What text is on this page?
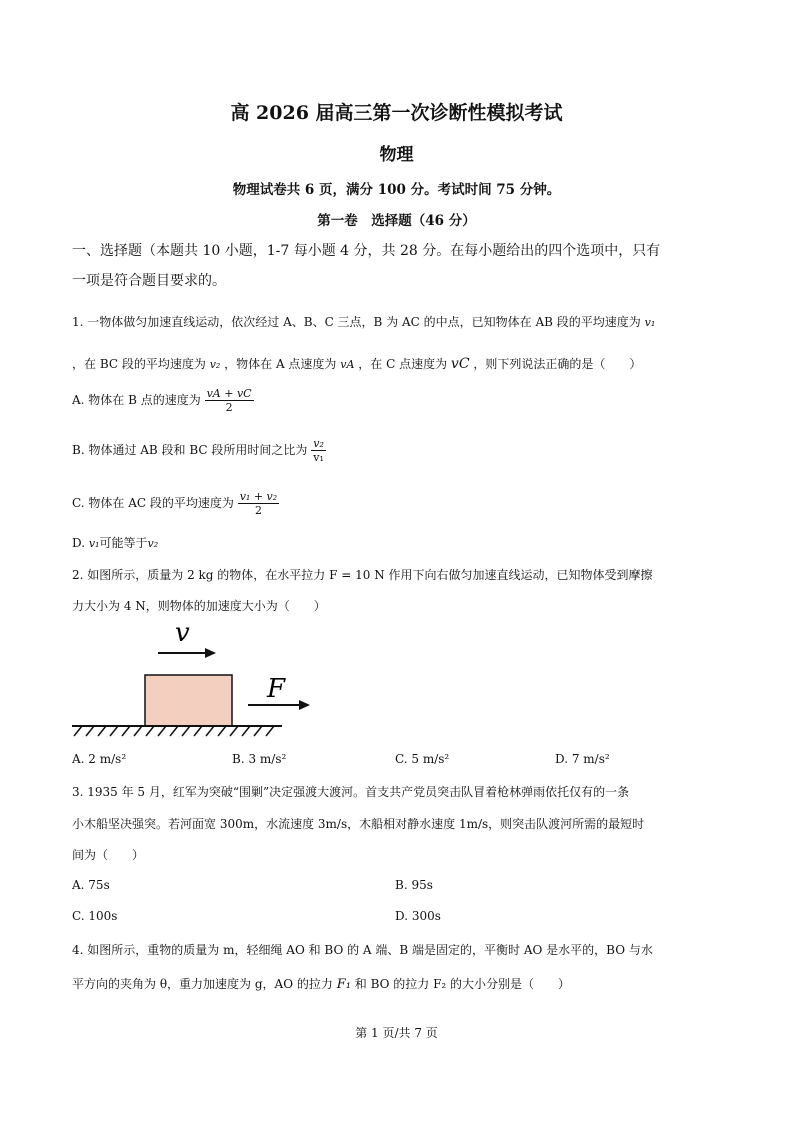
高 2026 届高三第一次诊断性模拟考试
物理
物理试卷共 6 页，满分 100 分。考试时间 75 分钟。
第一卷　选择题（46 分）
一、选择题（本题共 10 小题，1-7 每小题 4 分，共 28 分。在每小题给出的四个选项中，只有
一项是符合题目要求的。
1. 一物体做匀加速直线运动，依次经过 A、B、C 三点，B 为 AC 的中点，已知物体在 AB 段的平均速度为 v₁
，在 BC 段的平均速度为 v₂ ，物体在 A 点速度为 vA ，在 C 点速度为 vC ，则下列说法正确的是（　　）
A. 物体在 B 点的速度为 $\frac{vA + vC}{2}$
B. 物体通过 AB 段和 BC 段所用时间之比为 $\frac{\text{v₂}}{\text{v₁}}$
C. 物体在 AC 段的平均速度为 $\frac{\text{v₁ + v₂}}{2}$
D. v₁可能等于v₂
2. 如图所示，质量为 2 kg 的物体，在水平拉力 F = 10 N 作用下向右做匀加速直线运动，已知物体受到摩擦
力大小为 4 N，则物体的加速度大小为（　　）
v
F
A. 2 m/s²	B. 3 m/s²	C. 5 m/s²	D. 7 m/s²
3. 1935 年 5 月，红军为突破“围剿”决定强渡大渡河。首支共产党员突击队冒着枪林弹雨依托仅有的一条
小木船坚决强突。若河面宽 300m，水流速度 3m/s，木船相对静水速度 1m/s，则突击队渡河所需的最短时
间为（　　）
A. 75s	B. 95s
C. 100s	D. 300s
4. 如图所示，重物的质量为 m，轻细绳 AO 和 BO 的 A 端、B 端是固定的，平衡时 AO 是水平的，BO 与水
平方向的夹角为 θ，重力加速度为 g，AO 的拉力 F₁ 和 BO 的拉力 F₂ 的大小分别是（　　）
第 1 页/共 7 页
